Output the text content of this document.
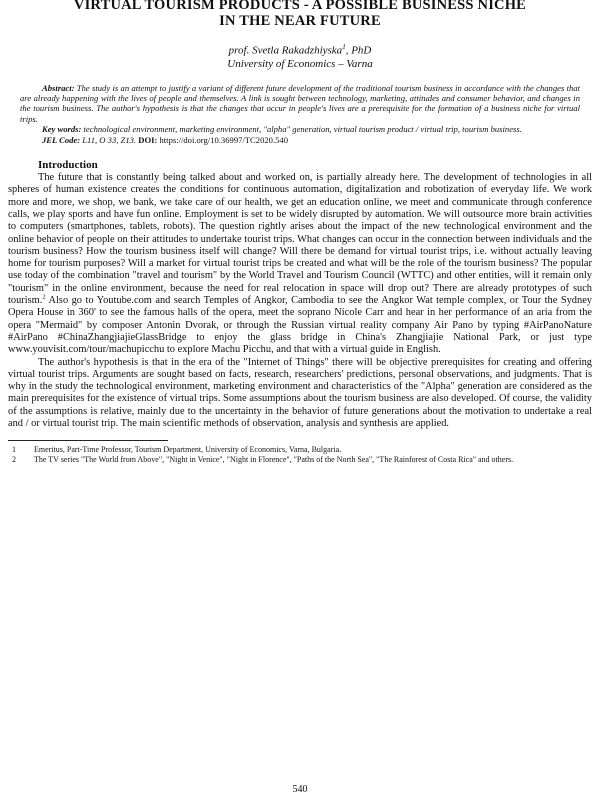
VIRTUAL TOURISM PRODUCTS - A POSSIBLE BUSINESS NICHE
IN THE NEAR FUTURE
prof. Svetla Rakadzhiyska$^1$, PhD
University of Economics – Varna

Abstract: The study is an attempt to justify a variant of different future development of the traditional tourism business in accordance with the changes that are already happening with the lives of people and themselves. A link is sought between technology, marketing, attitudes and consumer behavior, and changes in the tourism business. The author's hypothesis is that the changes that occur in people's lives are a prerequisite for the formation of a business niche for virtual trips.

Key words: technological environment, marketing environment, "alpha" generation, virtual tourism product / virtual trip, tourism business.

JEL Code: L11, O 33, Z13. DOI: https://doi.org/10.36997/TC2020.540

Introduction

The future that is constantly being talked about and worked on, is partially already here. The development of technologies in all spheres of human existence creates the conditions for continuous automation, digitalization and robotization of everyday life. We work more and more, we shop, we bank, we take care of our health, we get an education online, we meet and communicate through conference calls, we play sports and have fun online. Employment is set to be widely disrupted by automation. We will outsource more brain activities to computers (smartphones, tablets, robots). The question rightly arises about the impact of the new technological environment and the online behavior of people on their attitudes to undertake tourist trips. What changes can occur in the connection between individuals and the tourism business? How the tourism business itself will change? Will there be demand for virtual tourist trips, i.e. without actually leaving home for tourism purposes? Will a market for virtual tourist trips be created and what will be the role of the tourism business? The popular use today of the combination "travel and tourism" by the World Travel and Tourism Council (WTTC) and other entities, will it remain only "tourism" in the online environment, because the need for real relocation in space will drop out? There are already prototypes of such tourism.$^2$ Also go to Youtube.com and search Temples of Angkor, Cambodia to see the Angkor Wat temple complex, or Tour the Sydney Opera House in 360' to see the famous halls of the opera, meet the soprano Nicole Carr and hear in her performance of an aria from the opera "Mermaid" by composer Antonin Dvorak, or through the Russian virtual reality company Air Pano by typing #AirPanoNature #AirPano #ChinaZhangjiajieGlassBridge to enjoy the glass bridge in China's Zhangjiajie National Park, or just type www.youvisit.com/tour/machupicchu to explore Machu Picchu, and that with a virtual guide in English.

The author's hypothesis is that in the era of the "Internet of Things" there will be objective prerequisites for creating and offering virtual tourist trips. Arguments are sought based on facts, research, researchers' predictions, personal observations, and judgments. That is why in the study the technological environment, marketing environment and characteristics of the "Alpha" generation are considered as the main prerequisites for the existence of virtual trips. Some assumptions about the tourism business are also developed. Of course, the validity of the assumptions is relative, mainly due to the uncertainty in the behavior of future generations about the motivation to undertake a real and / or virtual tourist trip. The main scientific methods of observation, analysis and synthesis are applied.

1	Emeritus, Part-Time Professor, Tourism Department, University of Economics, Varna, Bulgaria.
2	The TV series "The World from Above", "Night in Venice", "Night in Florence", "Paths of the North Sea", "The Rainforest of Costa Rica" and others.
540
